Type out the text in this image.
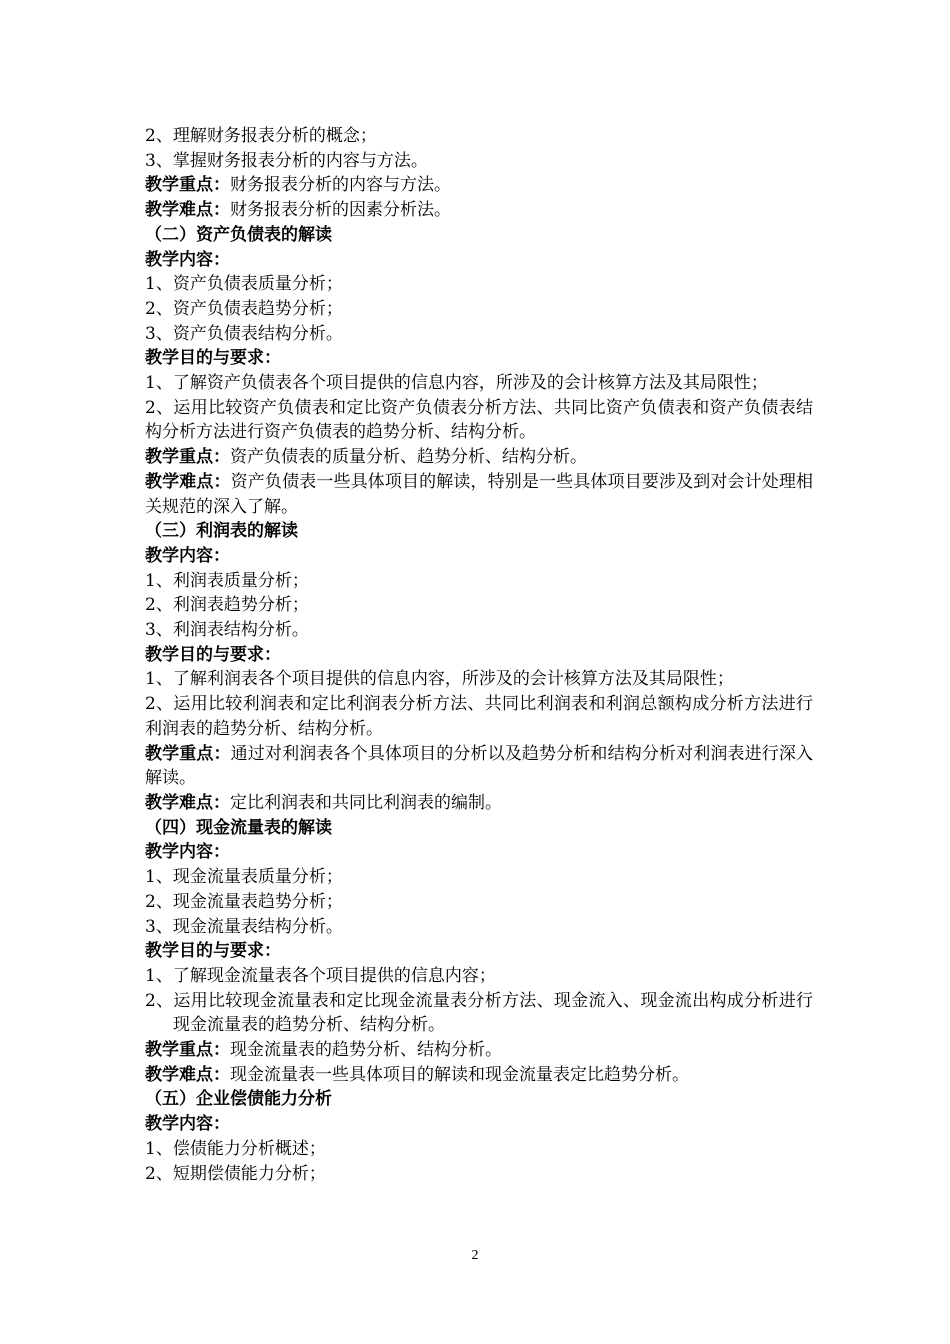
2、理解财务报表分析的概念；
3、掌握财务报表分析的内容与方法。
教学重点：财务报表分析的内容与方法。
教学难点：财务报表分析的因素分析法。
（二）资产负债表的解读
教学内容：
1、资产负债表质量分析；
2、资产负债表趋势分析；
3、资产负债表结构分析。
教学目的与要求：
1、了解资产负债表各个项目提供的信息内容，所涉及的会计核算方法及其局限性；
2、运用比较资产负债表和定比资产负债表分析方法、共同比资产负债表和资产负债表结构分析方法进行资产负债表的趋势分析、结构分析。
教学重点：资产负债表的质量分析、趋势分析、结构分析。
教学难点：资产负债表一些具体项目的解读，特别是一些具体项目要涉及到对会计处理相关规范的深入了解。
（三）利润表的解读
教学内容：
1、利润表质量分析；
2、利润表趋势分析；
3、利润表结构分析。
教学目的与要求：
1、了解利润表各个项目提供的信息内容，所涉及的会计核算方法及其局限性；
2、运用比较利润表和定比利润表分析方法、共同比利润表和利润总额构成分析方法进行利润表的趋势分析、结构分析。
教学重点：通过对利润表各个具体项目的分析以及趋势分析和结构分析对利润表进行深入解读。
教学难点：定比利润表和共同比利润表的编制。
（四）现金流量表的解读
教学内容：
1、现金流量表质量分析；
2、现金流量表趋势分析；
3、现金流量表结构分析。
教学目的与要求：
1、了解现金流量表各个项目提供的信息内容；
2、运用比较现金流量表和定比现金流量表分析方法、现金流入、现金流出构成分析进行现金流量表的趋势分析、结构分析。
教学重点：现金流量表的趋势分析、结构分析。
教学难点：现金流量表一些具体项目的解读和现金流量表定比趋势分析。
（五）企业偿债能力分析
教学内容：
1、偿债能力分析概述；
2、短期偿债能力分析；
2
